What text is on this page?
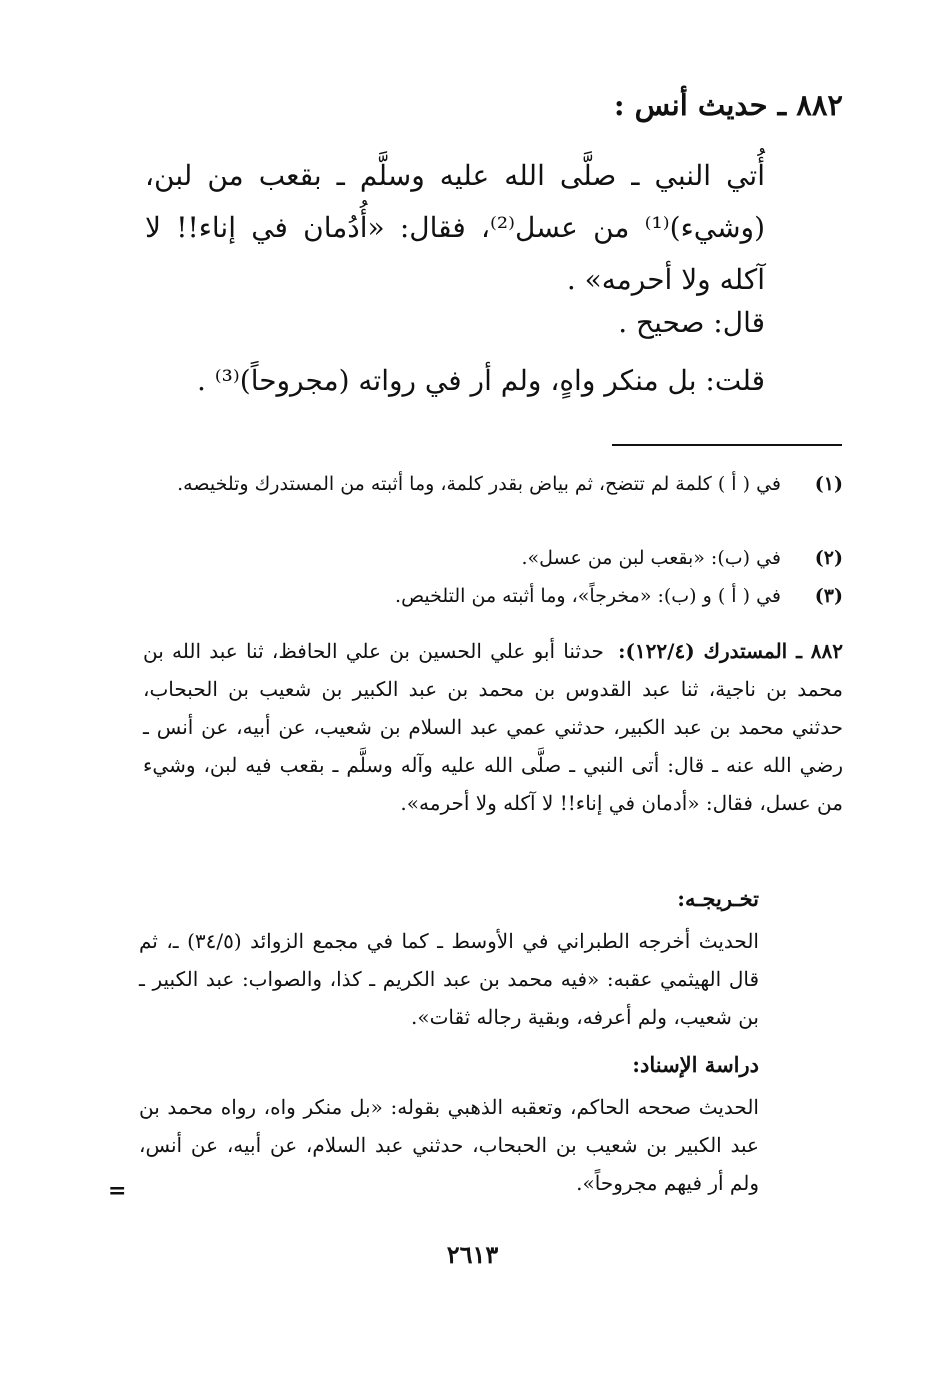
٨٨٢ ـ حديث أنس :

أُتي النبي ـ صلَّى الله عليه وسلَّم ـ بقعب من لبن، (وشيء)⁽¹⁾ من عسل⁽²⁾، فقال: «أُدُمان في إناء!! لا آكله ولا أحرمه» .

قال: صحيح .

قلت: بل منكر واهٍ، ولم أر في رواته (مجروحاً)⁽³⁾ .

(١)
في ( أ ) كلمة لم تتضح، ثم بياض بقدر كلمة، وما أثبته من المستدرك وتلخيصه.
(٢)
في (ب): «بقعب لبن من عسل».
(٣)
في ( أ ) و (ب): «مخرجاً»، وما أثبته من التلخيص.
٨٨٢ ـ المستدرك (١٢٢/٤): حدثنا أبو علي الحسين بن علي الحافظ، ثنا عبد الله بن محمد بن ناجية، ثنا عبد القدوس بن محمد بن عبد الكبير بن شعيب بن الحبحاب، حدثني محمد بن عبد الكبير، حدثني عمي عبد السلام بن شعيب، عن أبيه، عن أنس ـ رضي الله عنه ـ قال: أتى النبي ـ صلَّى الله عليه وآله وسلَّم ـ بقعب فيه لبن، وشيء من عسل، فقال: «أدمان في إناء!! لا آكله ولا أحرمه».
تخـريجـه:

الحديث أخرجه الطبراني في الأوسط ـ كما في مجمع الزوائد (٣٤/٥) ـ، ثم قال الهيثمي عقبه: «فيه محمد بن عبد الكريم ـ كذا، والصواب: عبد الكبير ـ بن شعيب، ولم أعرفه، وبقية رجاله ثقات».

دراسة الإسناد:

الحديث صححه الحاكم، وتعقبه الذهبي بقوله: «بل منكر واه، رواه محمد بن عبد الكبير بن شعيب بن الحبحاب، حدثني عبد السلام، عن أبيه، عن أنس، ولم أر فيهم مجروحاً».

=
٢٦١٣
